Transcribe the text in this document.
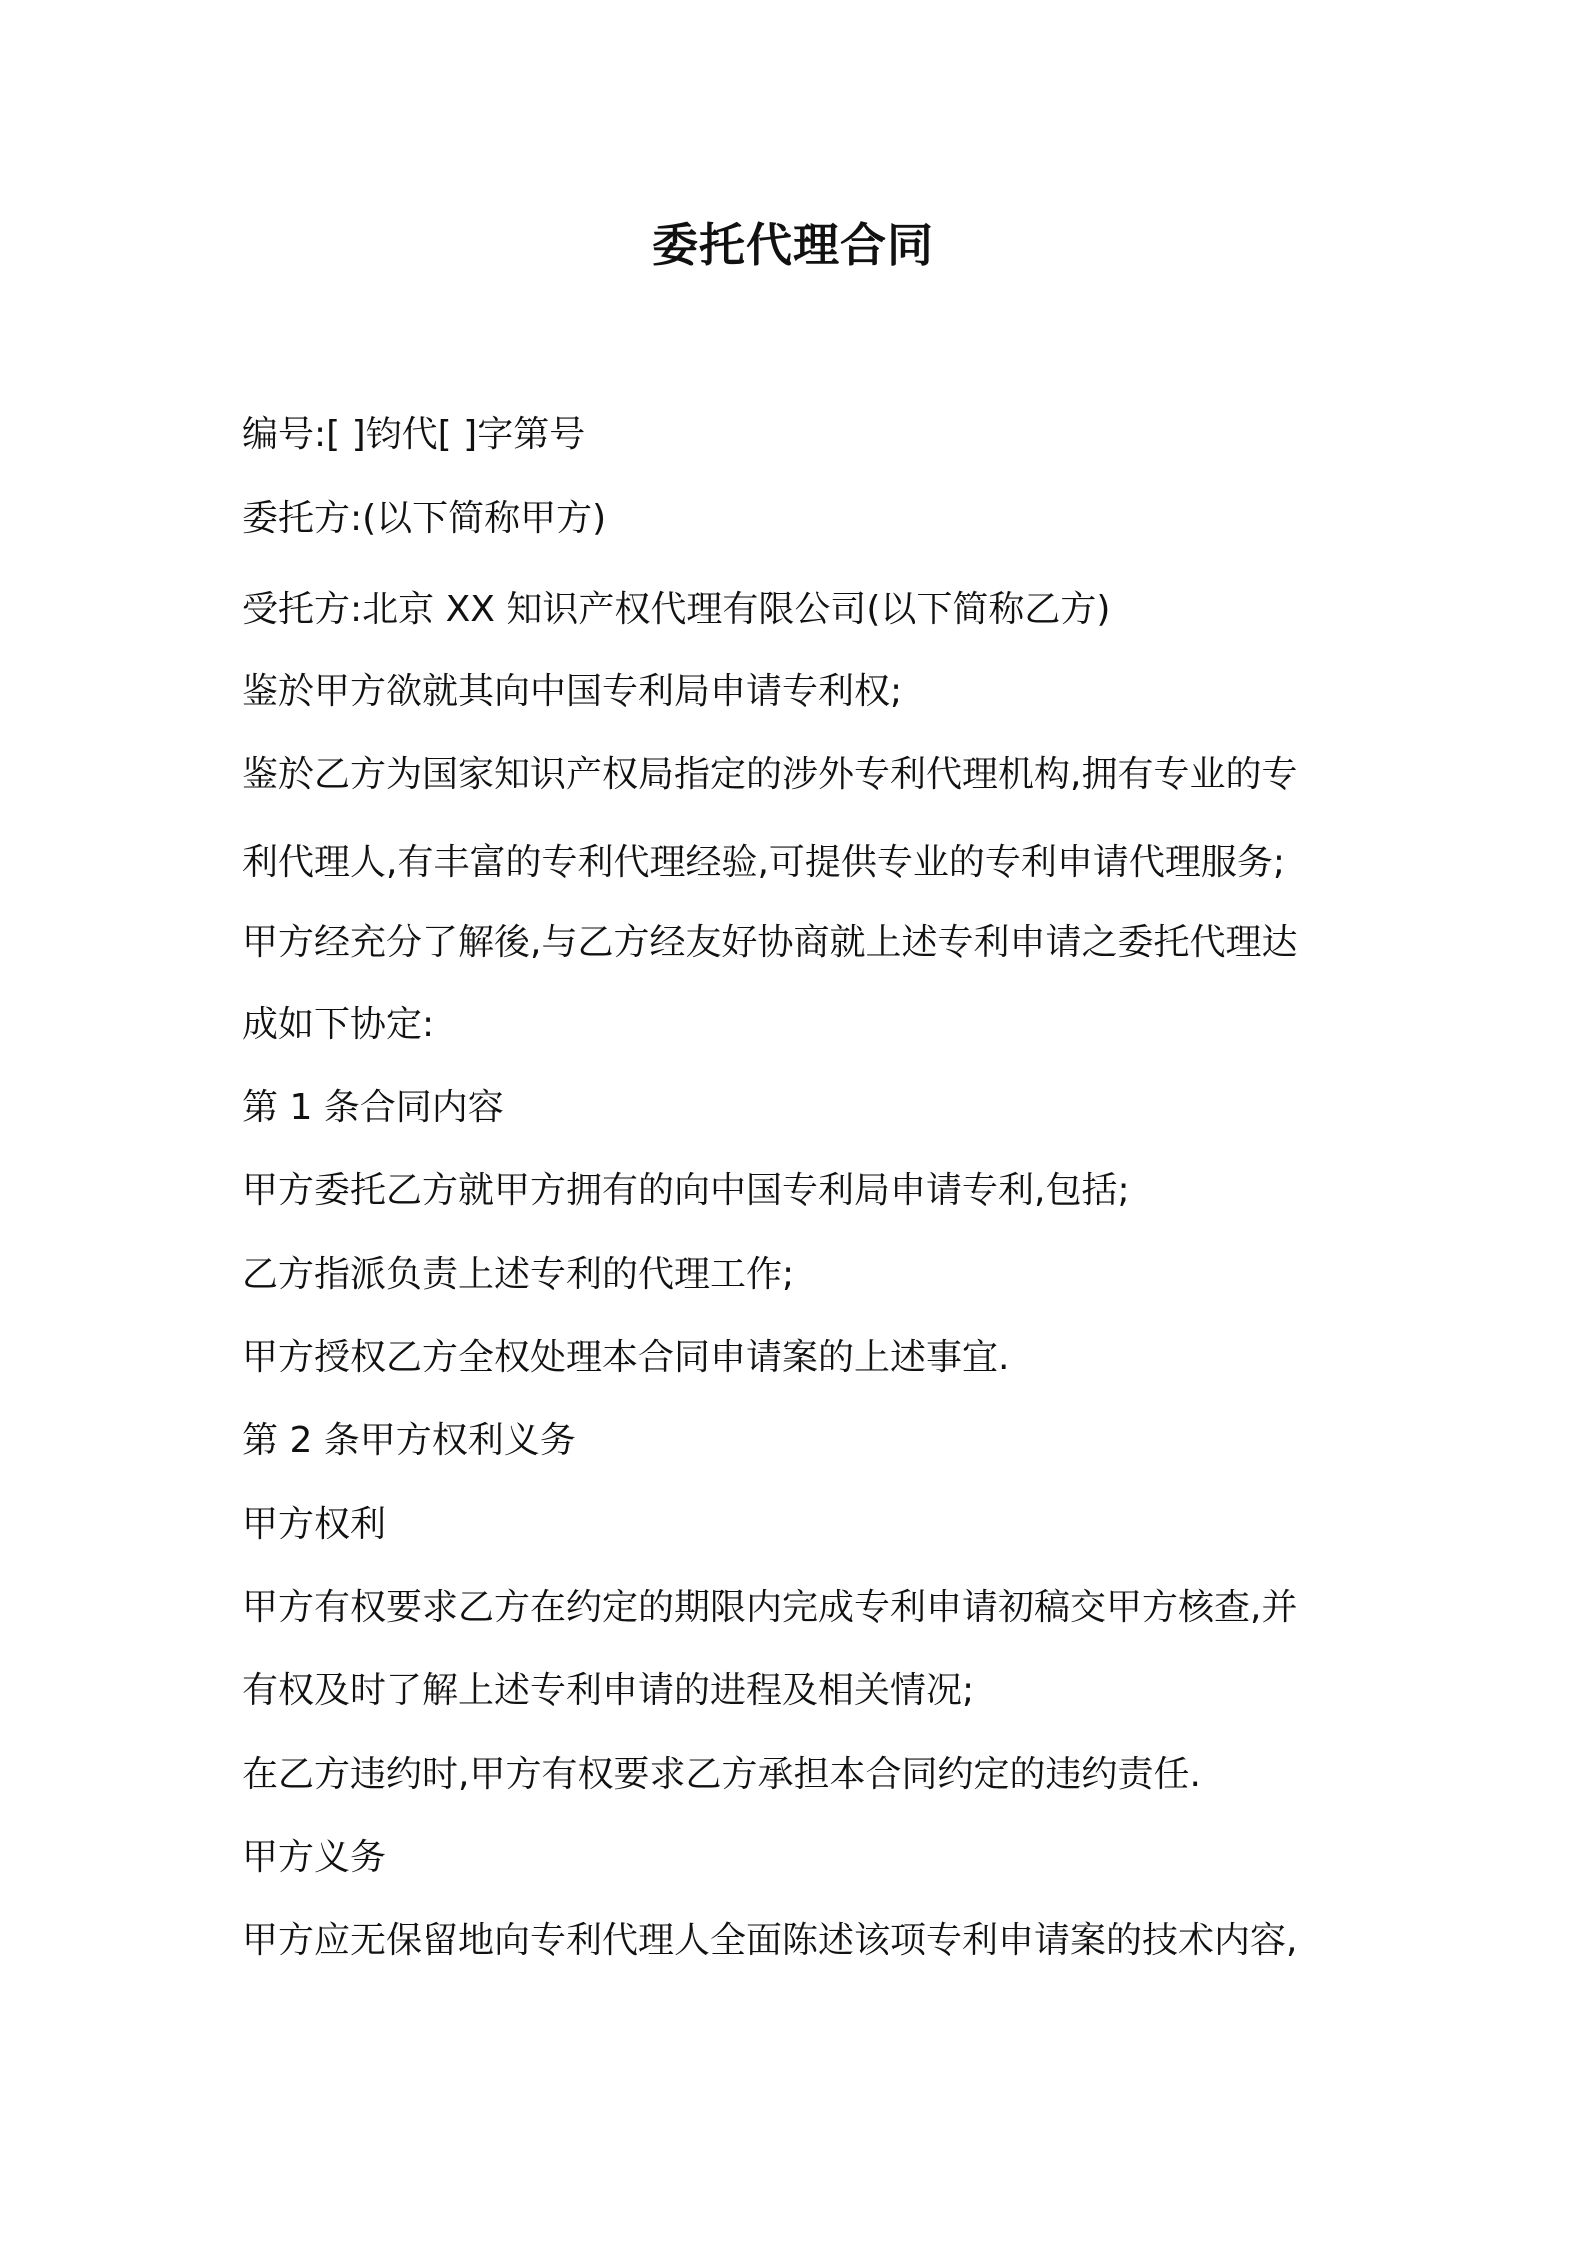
委托代理合同

编号:[ ]钧代[ ]字第号

委托方:(以下简称甲方)

受托方:北京 XX 知识产权代理有限公司(以下简称乙方)

鉴於甲方欲就其向中国专利局申请专利权;

鉴於乙方为国家知识产权局指定的涉外专利代理机构,拥有专业的专

利代理人,有丰富的专利代理经验,可提供专业的专利申请代理服务;

甲方经充分了解後,与乙方经友好协商就上述专利申请之委托代理达

成如下协定:

第 1 条合同内容

甲方委托乙方就甲方拥有的向中国专利局申请专利,包括;

乙方指派负责上述专利的代理工作;

甲方授权乙方全权处理本合同申请案的上述事宜.

第 2 条甲方权利义务

甲方权利

甲方有权要求乙方在约定的期限内完成专利申请初稿交甲方核查,并

有权及时了解上述专利申请的进程及相关情况;

在乙方违约时,甲方有权要求乙方承担本合同约定的违约责任.

甲方义务

甲方应无保留地向专利代理人全面陈述该项专利申请案的技术内容,
